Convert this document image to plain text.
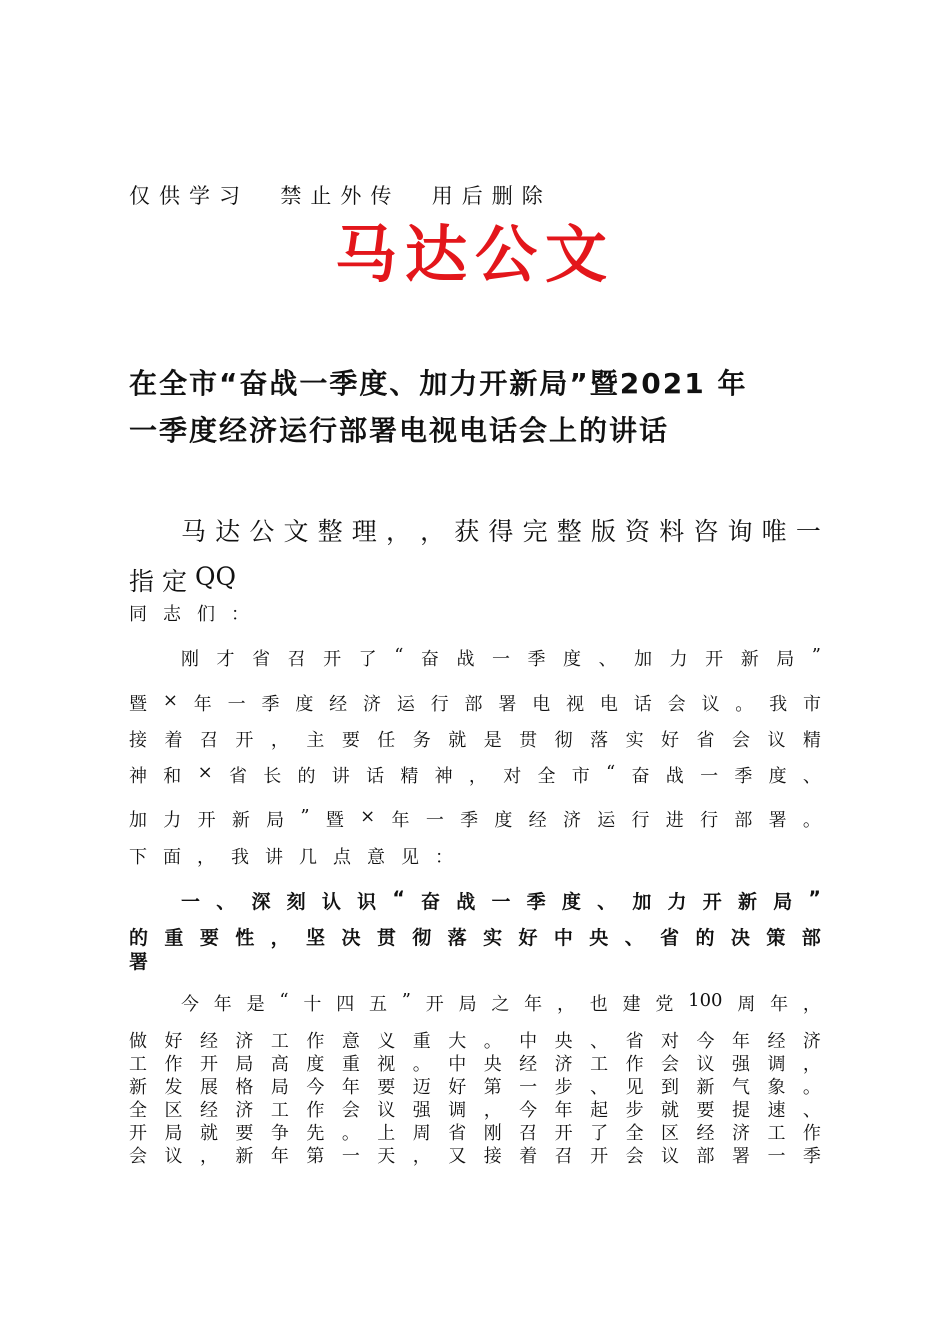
仅供学习  禁止外传  用后删除
马达公文
在全市“奋战一季度、加力开新局”暨2021 年
一季度经济运行部署电视电话会上的讲话
马 达 公 文 整 理 ， ， 获 得 完 整 版 资 料 咨 询 唯 一
指 定 QQ
同 志 们 ：
刚 才 省 召 开 了 “ 奋 战 一 季 度 、 加 力 开 新 局 ”
暨 × 年 一 季 度 经 济 运 行 部 署 电 视 电 话 会 议 。 我 市
接 着 召 开 ， 主 要 任 务 就 是 贯 彻 落 实 好 省 会 议 精
神 和 × 省 长 的 讲 话 精 神 ， 对 全 市 “ 奋 战 一 季 度 、
加 力 开 新 局 ” 暨 × 年 一 季 度 经 济 运 行 进 行 部 署 。
下 面 ， 我 讲 几 点 意 见 ：
一 、 深 刻 认 识 “ 奋 战 一 季 度 、 加 力 开 新 局 ”
的 重 要 性 ， 坚 决 贯 彻 落 实 好 中 央 、 省 的 决 策 部
署
今 年 是 “ 十 四 五 ” 开 局 之 年 ， 也 建 党 100 周 年 ，
做 好 经 济 工 作 意 义 重 大 。 中 央 、 省 对 今 年 经 济
工 作 开 局 高 度 重 视 。 中 央 经 济 工 作 会 议 强 调 ，
新 发 展 格 局 今 年 要 迈 好 第 一 步 、 见 到 新 气 象 。
全 区 经 济 工 作 会 议 强 调 ， 今 年 起 步 就 要 提 速 、
开 局 就 要 争 先 。 上 周 省 刚 召 开 了 全 区 经 济 工 作
会 议 ， 新 年 第 一 天 ， 又 接 着 召 开 会 议 部 署 一 季
